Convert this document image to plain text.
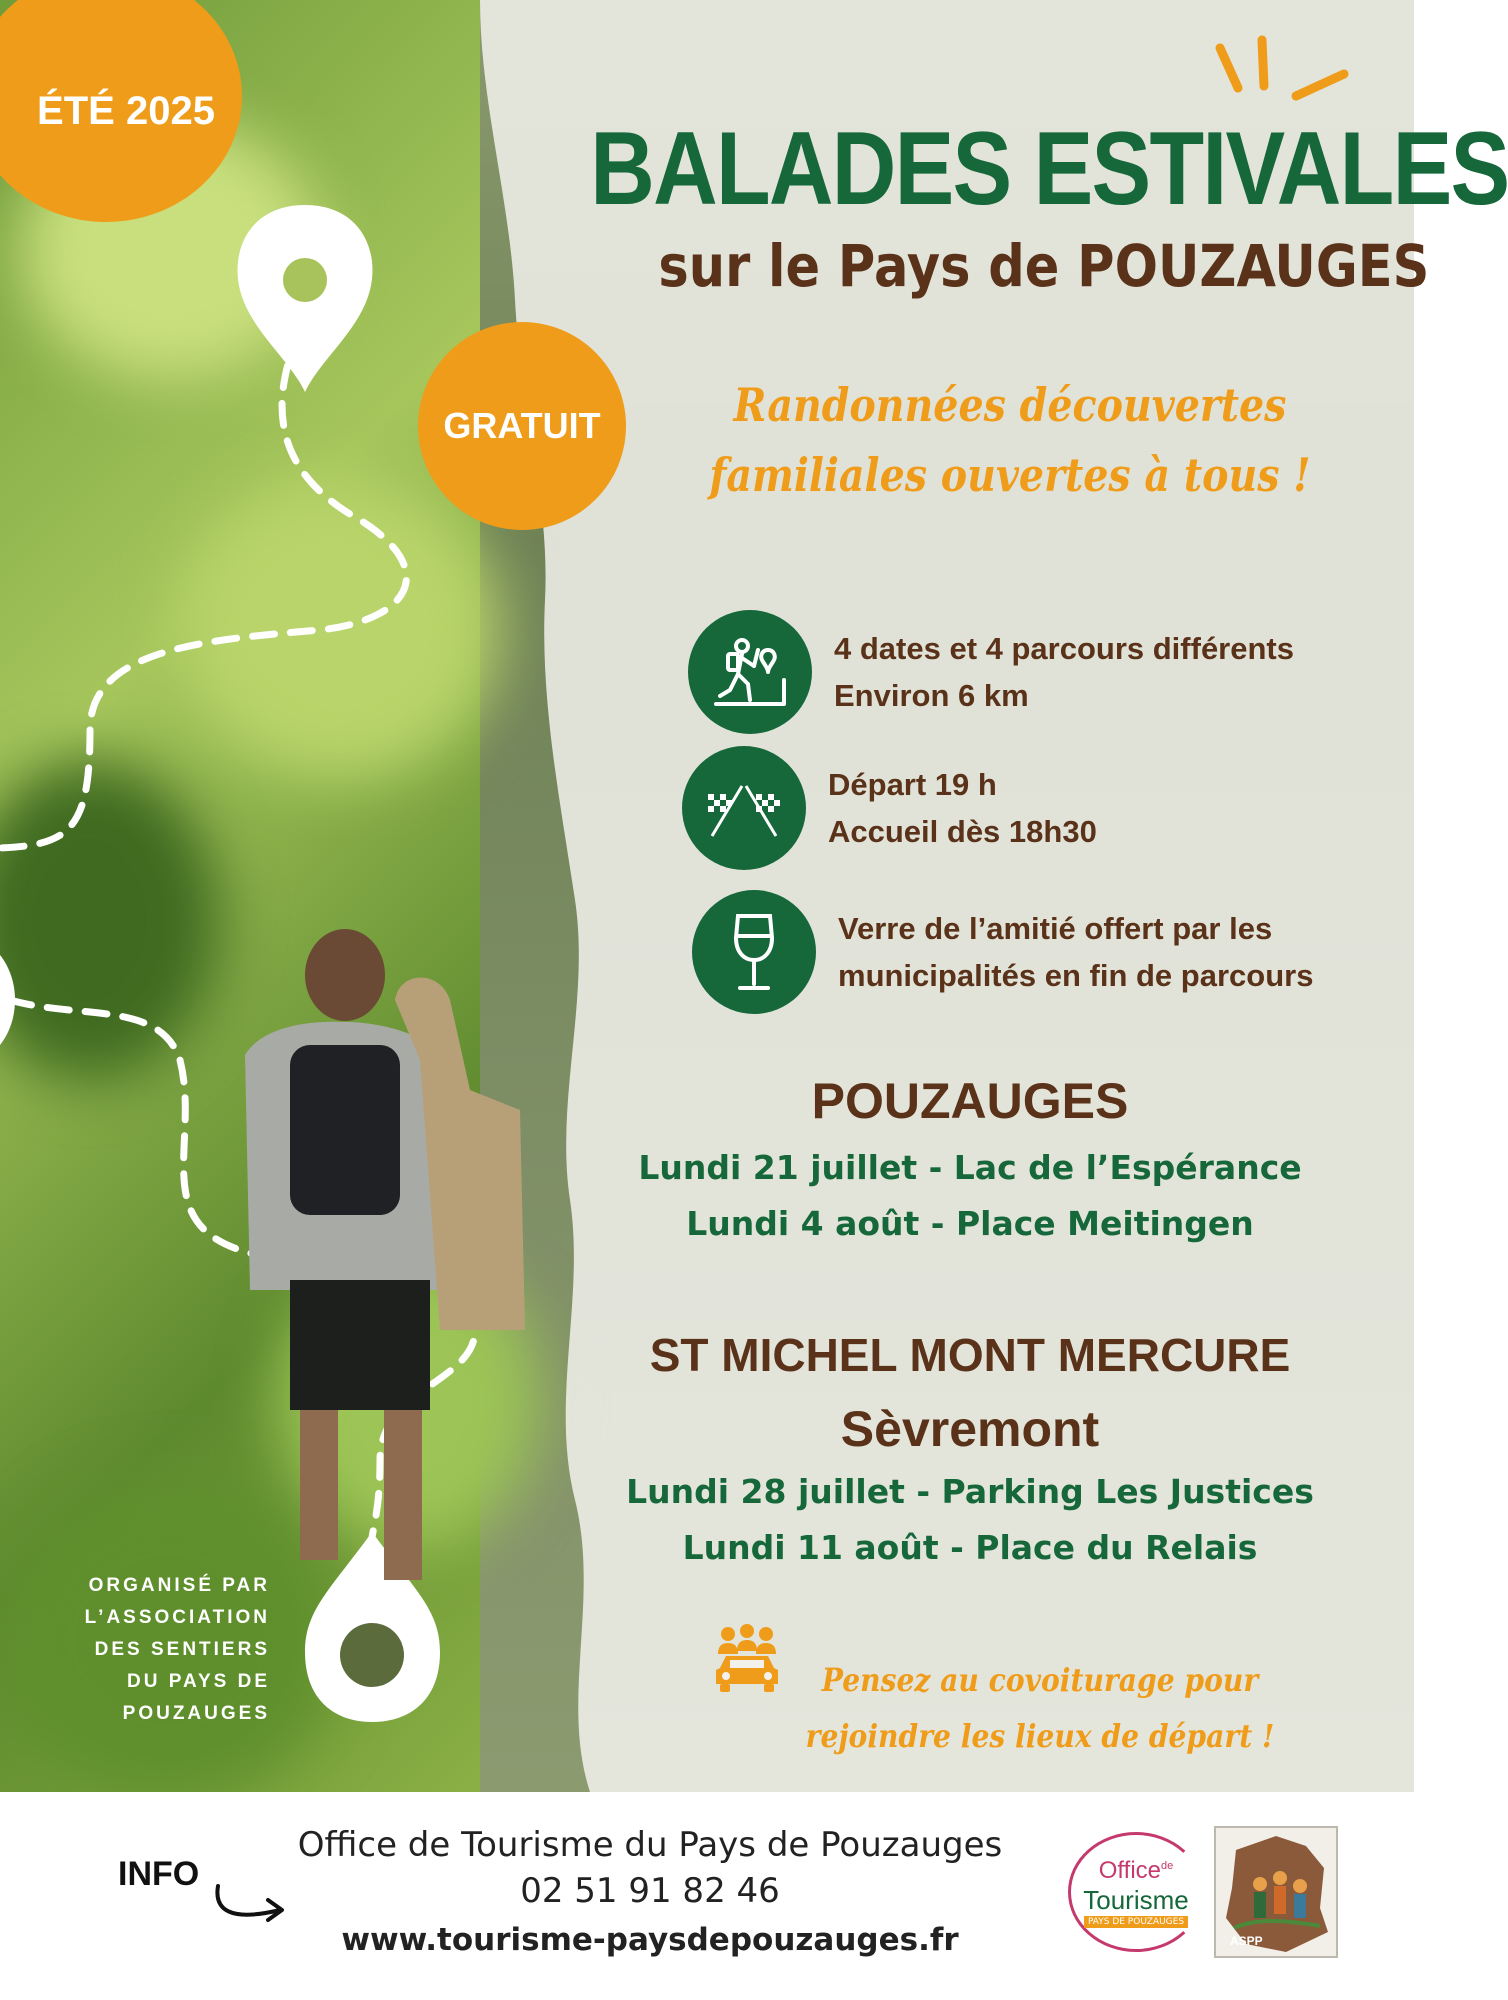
ÉTÉ 2025
GRATUIT
BALADES ESTIVALES
sur le Pays de POUZAUGES
Randonnées découvertes
familiales ouvertes à tous !
4 dates et 4 parcours différents
Environ 6 km
Départ 19 h
Accueil dès 18h30
Verre de l’amitié offert par les
municipalités en fin de parcours
POUZAUGES
Lundi 21 juillet - Lac de l’Espérance
Lundi 4 août - Place Meitingen
ST MICHEL MONT MERCURE
Sèvremont
Lundi 28 juillet - Parking Les Justices
Lundi 11 août - Place du Relais
Pensez au covoiturage pour
rejoindre les lieux de départ !
ORGANISÉ PAR
L’ASSOCIATION
DES SENTIERS
DU PAYS DE
POUZAUGES
INFO
Office de Tourisme du Pays de Pouzauges
02 51 91 82 46
www.tourisme-paysdepouzauges.fr
Office$^{de}$
Tourisme
PAYS DE POUZAUGES
ASPP
